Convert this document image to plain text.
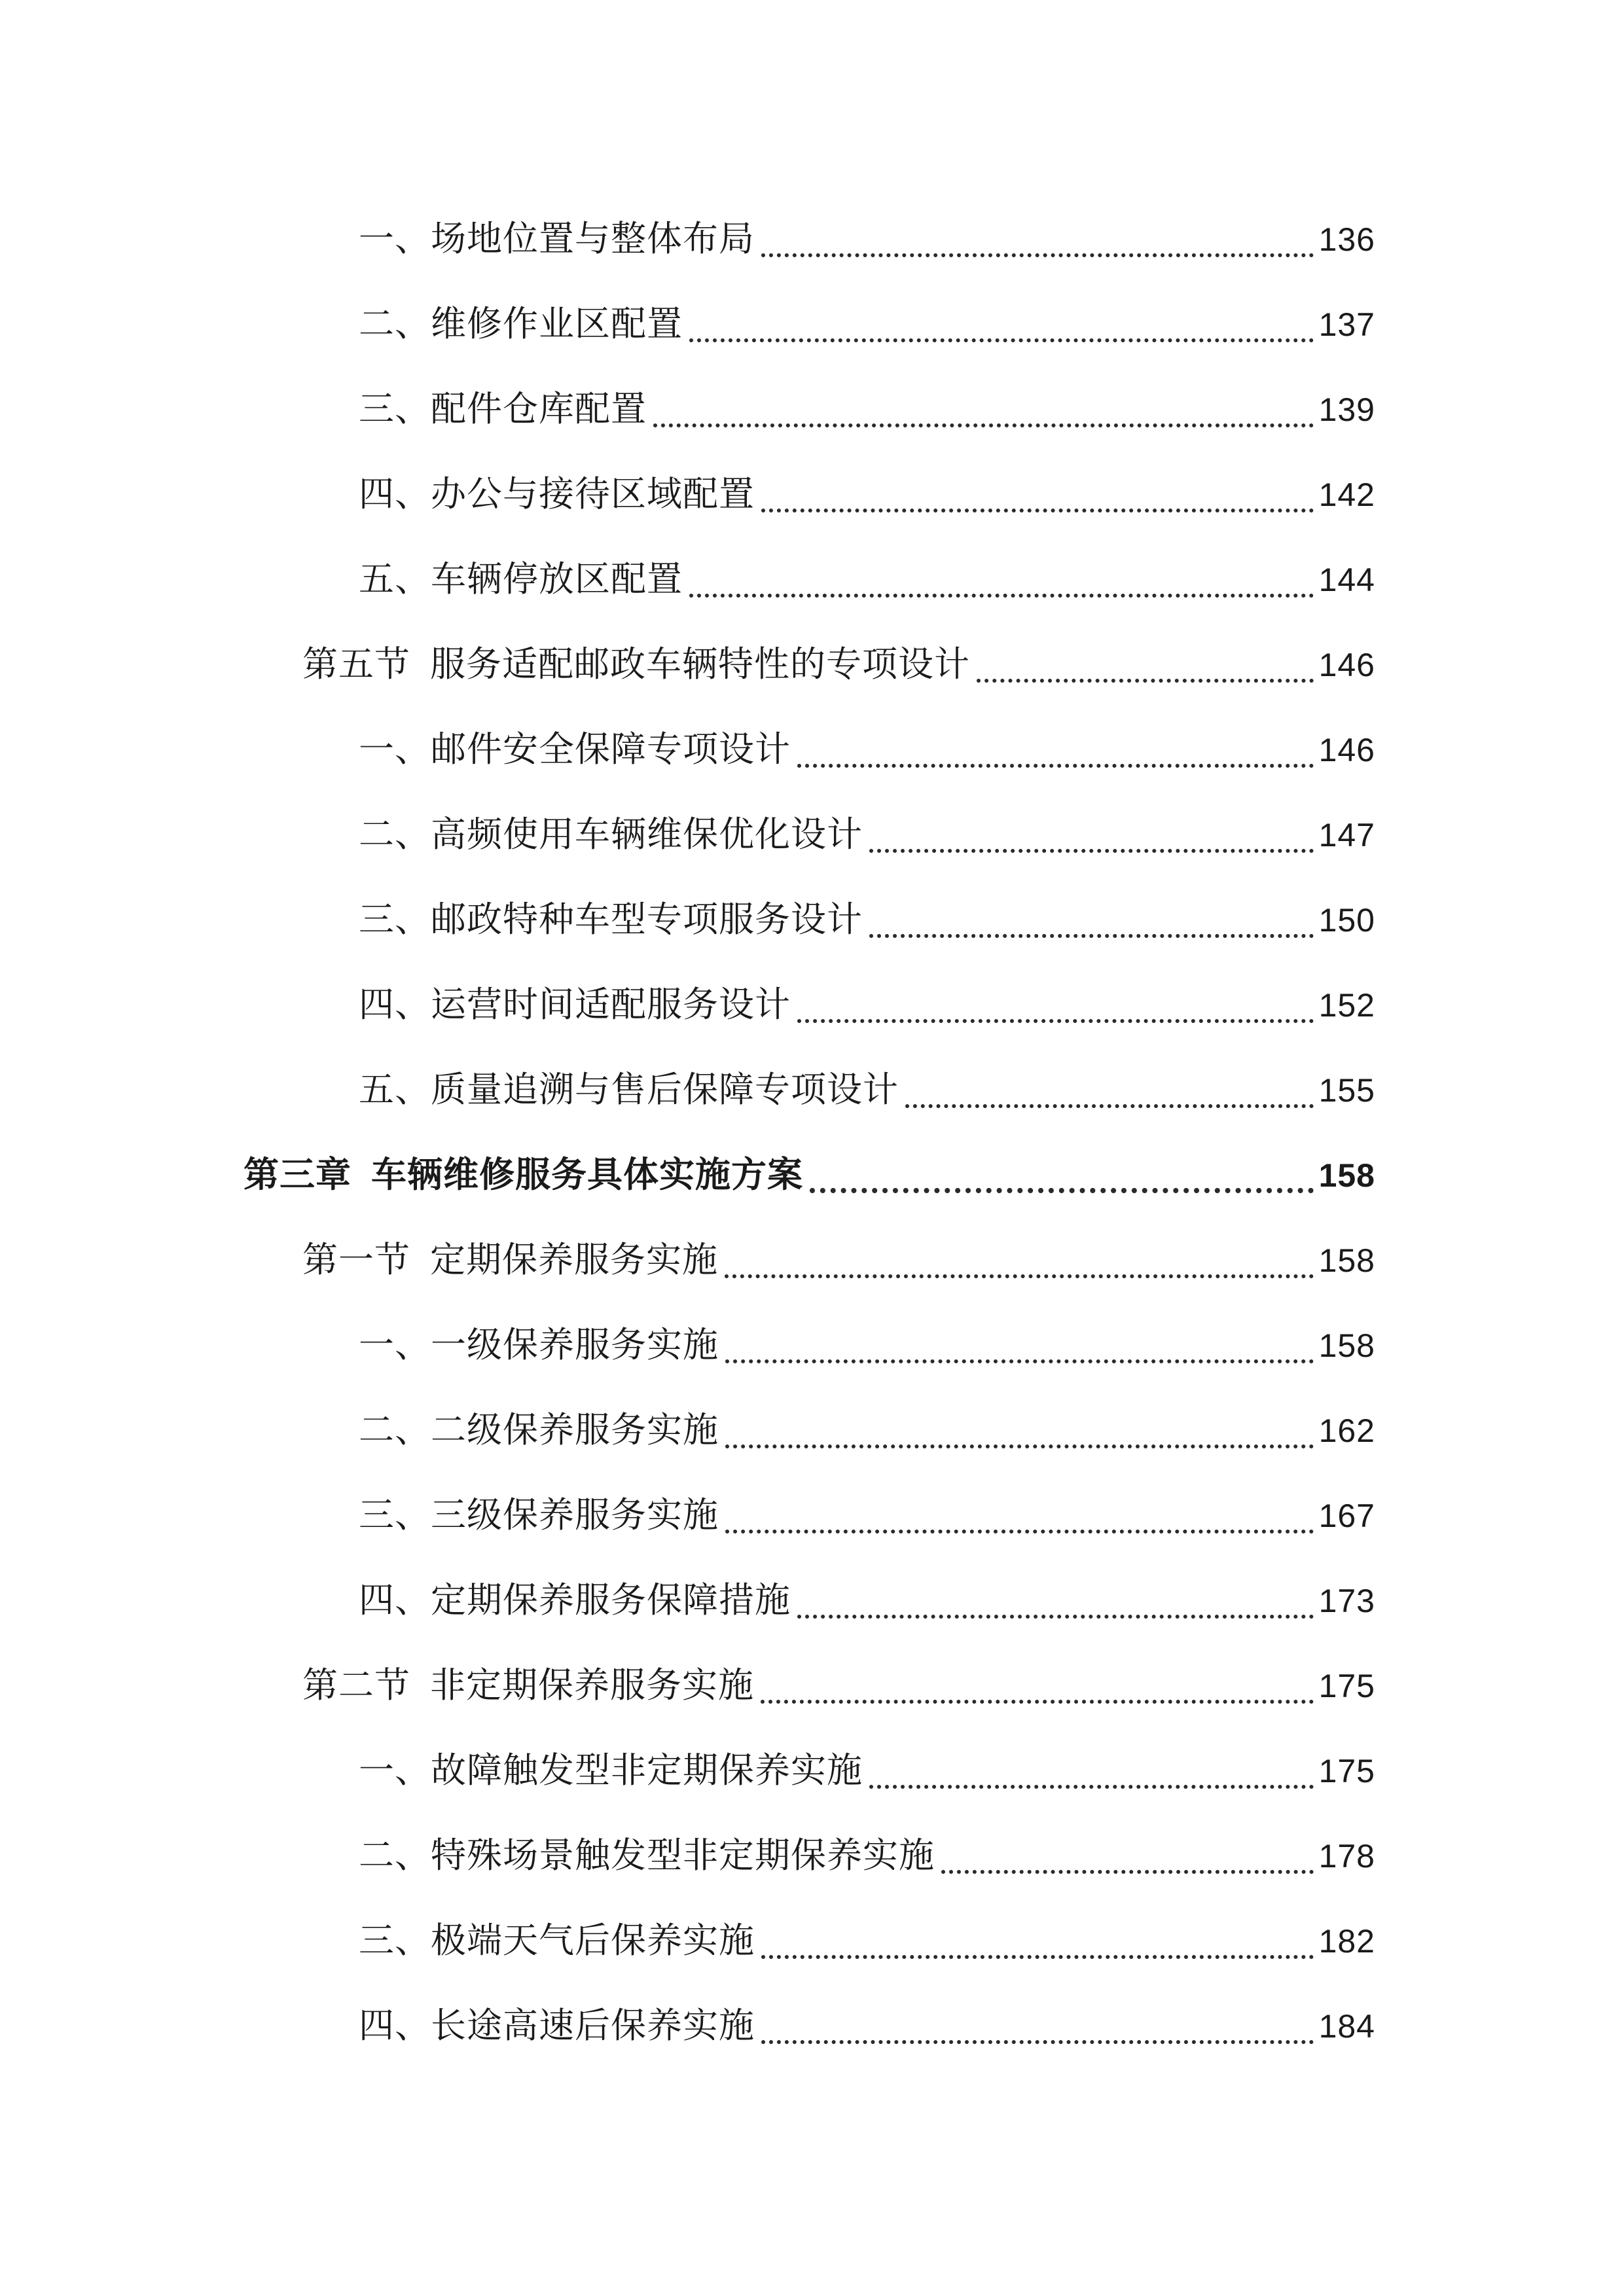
一、场地位置与整体布局	136
二、维修作业区配置	137
三、配件仓库配置	139
四、办公与接待区域配置	142
五、车辆停放区配置	144
第五节 服务适配邮政车辆特性的专项设计	146
一、邮件安全保障专项设计	146
二、高频使用车辆维保优化设计	147
三、邮政特种车型专项服务设计	150
四、运营时间适配服务设计	152
五、质量追溯与售后保障专项设计	155
第三章 车辆维修服务具体实施方案	158
第一节 定期保养服务实施	158
一、一级保养服务实施	158
二、二级保养服务实施	162
三、三级保养服务实施	167
四、定期保养服务保障措施	173
第二节 非定期保养服务实施	175
一、故障触发型非定期保养实施	175
二、特殊场景触发型非定期保养实施	178
三、极端天气后保养实施	182
四、长途高速后保养实施	184
